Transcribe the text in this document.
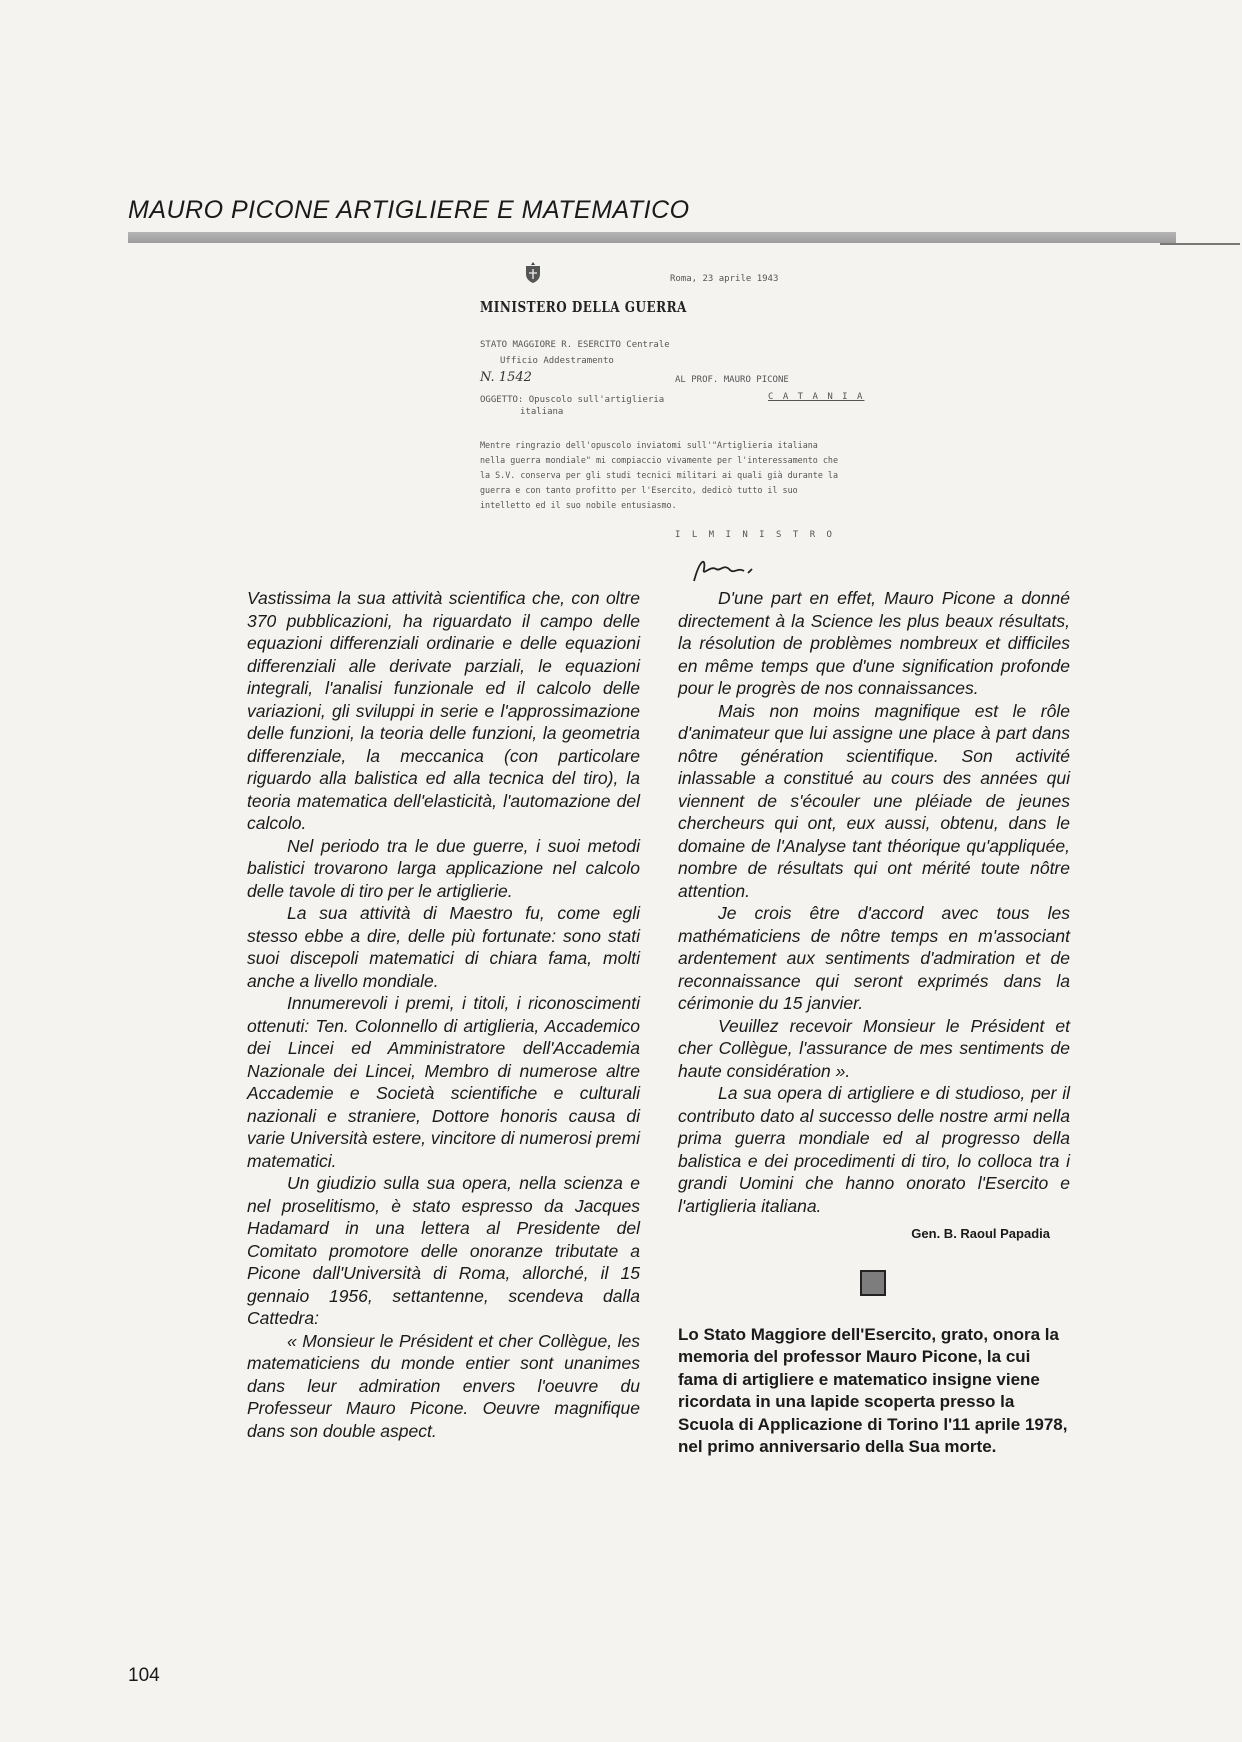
MAURO PICONE ARTIGLIERE E MATEMATICO
MINISTERO DELLA GUERRA
Roma, 23 aprile 1943
STATO MAGGIORE R. ESERCITO Centrale
Ufficio Addestramento
N. 1542
OGGETTO: Opuscolo sull'artiglieria
italiana
AL PROF. MAURO PICONE
C A T A N I A
Mentre ringrazio dell'opuscolo inviatomi sull'"Artiglieria italiana nella guerra mondiale" mi compiaccio vivamente per l'interessamento che la S.V. conserva per gli studi tecnici militari ai quali già durante la guerra e con tanto profitto per l'Esercito, dedicò tutto il suo intelletto ed il suo nobile entusiasmo.
I L M I N I S T R O

Vastissima la sua attività scientifica che, con oltre 370 pubblicazioni, ha riguardato il campo delle equazioni differenziali ordinarie e delle equazioni differenziali alle derivate parziali, le equazioni integrali, l'analisi funzionale ed il calcolo delle variazioni, gli sviluppi in serie e l'approssimazione delle funzioni, la teoria delle funzioni, la geometria differenziale, la meccanica (con particolare riguardo alla balistica ed alla tecnica del tiro), la teoria matematica dell'elasticità, l'automazione del calcolo.

Nel periodo tra le due guerre, i suoi metodi balistici trovarono larga applicazione nel calcolo delle tavole di tiro per le artiglierie.

La sua attività di Maestro fu, come egli stesso ebbe a dire, delle più fortunate: sono stati suoi discepoli matematici di chiara fama, molti anche a livello mondiale.

Innumerevoli i premi, i titoli, i riconoscimenti ottenuti: Ten. Colonnello di artiglieria, Accademico dei Lincei ed Amministratore dell'Accademia Nazionale dei Lincei, Membro di numerose altre Accademie e Società scientifiche e culturali nazionali e straniere, Dottore honoris causa di varie Università estere, vincitore di numerosi premi matematici.

Un giudizio sulla sua opera, nella scienza e nel proselitismo, è stato espresso da Jacques Hadamard in una lettera al Presidente del Comitato promotore delle onoranze tributate a Picone dall'Università di Roma, allorché, il 15 gennaio 1956, settantenne, scendeva dalla Cattedra:

« Monsieur le Président et cher Collègue, les matematiciens du monde entier sont unanimes dans leur admiration envers l'oeuvre du Professeur Mauro Picone. Oeuvre magnifique dans son double aspect.

D'une part en effet, Mauro Picone a donné directement à la Science les plus beaux résultats, la résolution de problèmes nombreux et difficiles en même temps que d'une signification profonde pour le progrès de nos connaissances.

Mais non moins magnifique est le rôle d'animateur que lui assigne une place à part dans nôtre génération scientifique. Son activité inlassable a constitué au cours des années qui viennent de s'écouler une pléiade de jeunes chercheurs qui ont, eux aussi, obtenu, dans le domaine de l'Analyse tant théorique qu'appliquée, nombre de résultats qui ont mérité toute nôtre attention.

Je crois être d'accord avec tous les mathématiciens de nôtre temps en m'associant ardentement aux sentiments d'admiration et de reconnaissance qui seront exprimés dans la cérimonie du 15 janvier.

Veuillez recevoir Monsieur le Président et cher Collègue, l'assurance de mes sentiments de haute considération ».

La sua opera di artigliere e di studioso, per il contributo dato al successo delle nostre armi nella prima guerra mondiale ed al progresso della balistica e dei procedimenti di tiro, lo colloca tra i grandi Uomini che hanno onorato l'Esercito e l'artiglieria italiana.

Gen. B. Raoul Papadia
Lo Stato Maggiore dell'Esercito, grato, onora la memoria del professor Mauro Picone, la cui fama di artigliere e matematico insigne viene ricordata in una lapide scoperta presso la Scuola di Applicazione di Torino l'11 aprile 1978, nel primo anniversario della Sua morte.
104
